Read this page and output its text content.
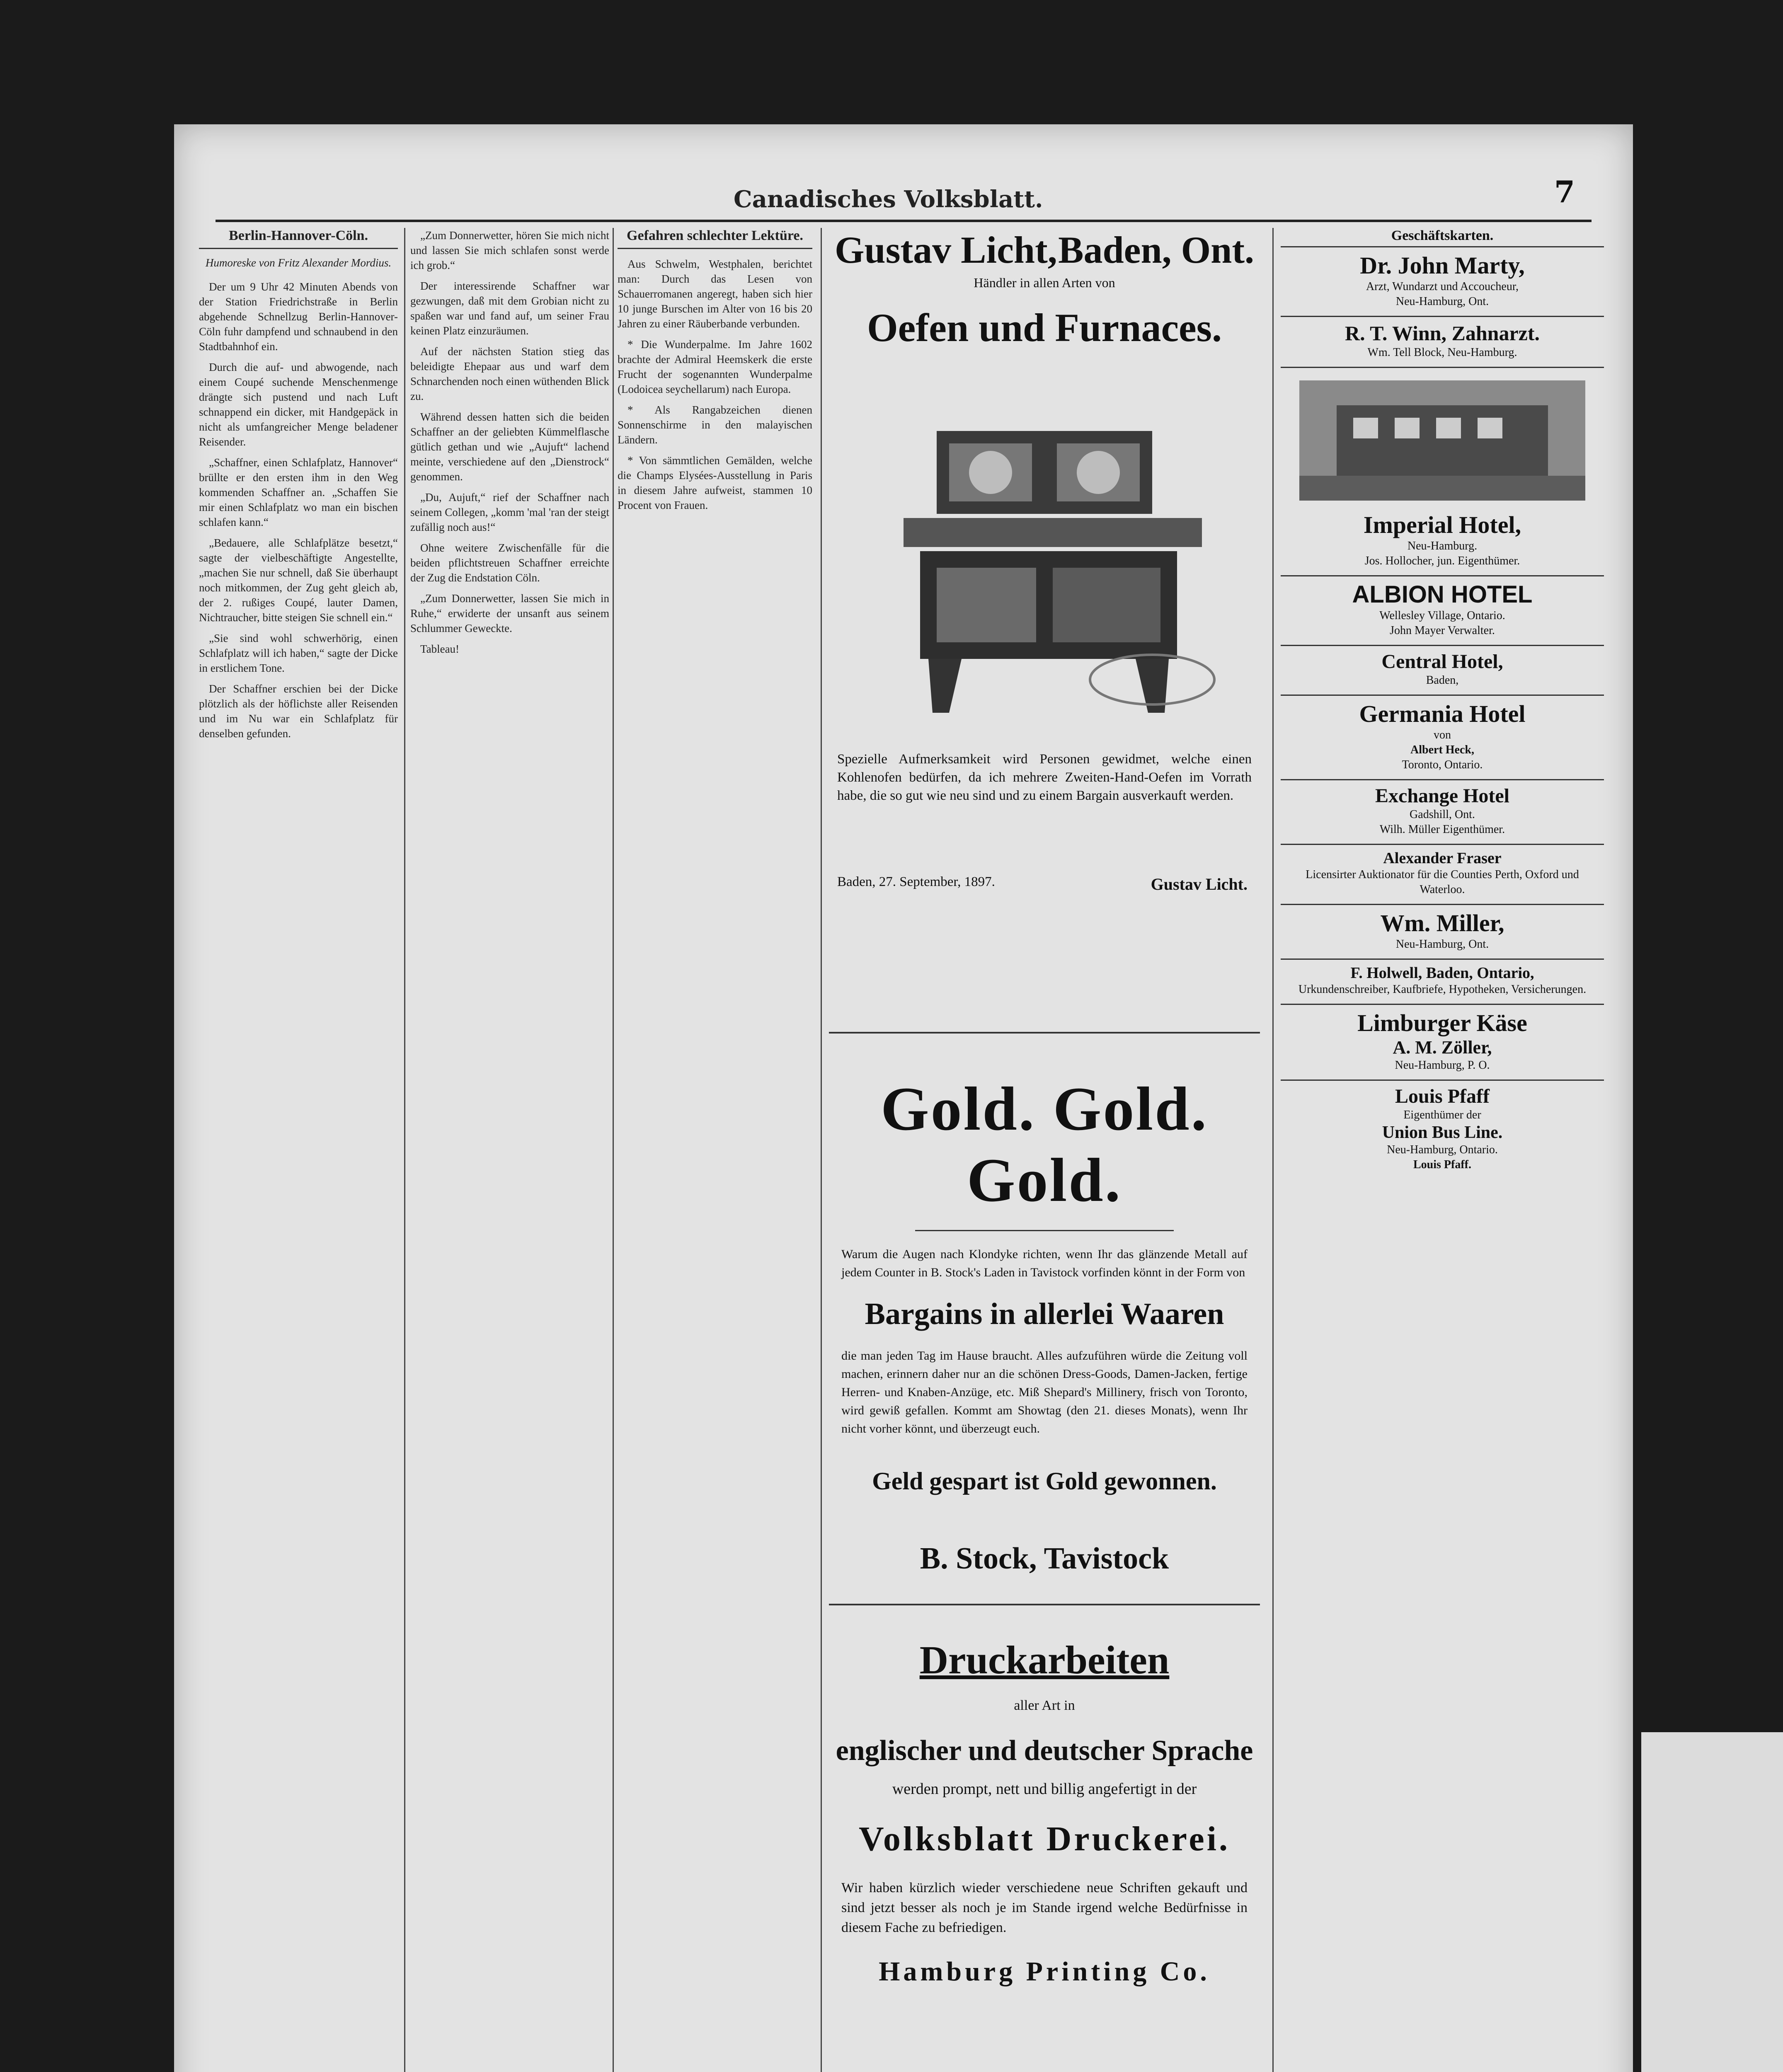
Canadisches Volksblatt.	7
Berlin-Hannover-Cöln.
Humoreske von Fritz Alexander Mordius.

Der um 9 Uhr 42 Minuten Abends von der Station Friedrichstraße in Berlin abgehende Schnellzug Berlin-Hannover-Cöln fuhr dampfend und schnaubend in den Stadtbahnhof ein.

Durch die auf- und abwogende, nach einem Coupé suchende Menschenmenge drängte sich pustend und nach Luft schnappend ein dicker, mit Handgepäck in nicht als umfangreicher Menge beladener Reisender.

„Schaffner, einen Schlafplatz, Hannover“ brüllte er den ersten ihm in den Weg kommenden Schaffner an. „Schaffen Sie mir einen Schlafplatz wo man ein bischen schlafen kann.“

„Bedauere, alle Schlafplätze besetzt,“ sagte der vielbeschäftigte Angestellte, „machen Sie nur schnell, daß Sie überhaupt noch mitkommen, der Zug geht gleich ab, der 2. rußiges Coupé, lauter Damen, Nichtraucher, bitte steigen Sie schnell ein.“

„Sie sind wohl schwerhörig, einen Schlafplatz will ich haben,“ sagte der Dicke in erstlichem Tone.

Der Schaffner erschien bei der Dicke plötzlich als der höflichste aller Reisenden und im Nu war ein Schlafplatz für denselben gefunden.

„Zum Donnerwetter, hören Sie mich nicht und lassen Sie mich schlafen sonst werde ich grob.“

Der interessirende Schaffner war gezwungen, daß mit dem Grobian nicht zu spaßen war und fand auf, um seiner Frau keinen Platz einzuräumen.

Auf der nächsten Station stieg das beleidigte Ehepaar aus und warf dem Schnarchenden noch einen wüthenden Blick zu.

Während dessen hatten sich die beiden Schaffner an der geliebten Kümmelflasche gütlich gethan und wie „Aujuft“ lachend meinte, verschiedene auf den „Dienstrock“ genommen.

„Du, Aujuft,“ rief der Schaffner nach seinem Collegen, „komm 'mal 'ran der steigt zufällig noch aus!“

Ohne weitere Zwischenfälle für die beiden pflichtstreuen Schaffner erreichte der Zug die Endstation Cöln.

„Zum Donnerwetter, lassen Sie mich in Ruhe,“ erwiderte der unsanft aus seinem Schlummer Geweckte.

Tableau!

Gefahren schlechter Lektüre.

Aus Schwelm, Westphalen, berichtet man: Durch das Lesen von Schauerromanen angeregt, haben sich hier 10 junge Burschen im Alter von 16 bis 20 Jahren zu einer Räuberbande verbunden.

* Die Wunderpalme. Im Jahre 1602 brachte der Admiral Heemskerk die erste Frucht der sogenannten Wunderpalme (Lodoicea seychellarum) nach Europa.

* Als Rangabzeichen dienen Sonnenschirme in den malayischen Ländern.

* Von sämmtlichen Gemälden, welche die Champs Elysées-Ausstellung in Paris in diesem Jahre aufweist, stammen 10 Procent von Frauen.

Gustav Licht, Baden, Ont.
Händler in allen Arten von
Oefen und Furnaces.
Spezielle Aufmerksamkeit wird Personen gewidmet, welche einen Kohlenofen bedürfen, da ich mehrere Zweiten-Hand-Oefen im Vorrath habe, die so gut wie neu sind und zu einem Bargain ausverkauft werden.
Baden, 27. September, 1897.	Gustav Licht.
Gold. Gold. Gold.
Warum die Augen nach Klondyke richten, wenn Ihr das glänzende Metall auf jedem Counter in B. Stock's Laden in Tavistock vorfinden könnt in der Form von
Bargains in allerlei Waaren
die man jeden Tag im Hause braucht. Alles aufzuführen würde die Zeitung voll machen, erinnern daher nur an die schönen Dress-Goods, Damen-Jacken, fertige Herren- und Knaben-Anzüge, etc. Miß Shepard's Millinery, frisch von Toronto, wird gewiß gefallen. Kommt am Showtag (den 21. dieses Monats), wenn Ihr nicht vorher könnt, und überzeugt euch.
Geld gespart ist Gold gewonnen.
B. Stock, Tavistock
Druckarbeiten
aller Art in
englischer und deutscher Sprache
werden prompt, nett und billig angefertigt in der
Volksblatt Druckerei.
Wir haben kürzlich wieder verschiedene neue Schriften gekauft und sind jetzt besser als noch je im Stande irgend welche Bedürfnisse in diesem Fache zu befriedigen.
Hamburg Printing Co.
Geschäftskarten.
Dr. John Marty,
Arzt, Wundarzt und Accoucheur,
Neu-Hamburg, Ont.
R. T. Winn, Zahnarzt.
Wm. Tell Block, Neu-Hamburg.
Imperial Hotel,
Neu-Hamburg.
Jos. Hollocher, jun. Eigenthümer.
ALBION HOTEL
Wellesley Village, Ontario.
John Mayer Verwalter.
Central Hotel,
Baden,
Germania Hotel
von
Albert Heck,
Toronto, Ontario.
Exchange Hotel
Gadshill, Ont.
Wilh. Müller Eigenthümer.
Alexander Fraser
Licensirter Auktionator für die Counties Perth, Oxford und Waterloo.
Wm. Miller,
Neu-Hamburg, Ont.
F. Holwell, Baden, Ontario,
Urkundenschreiber, Kaufbriefe, Hypotheken, Versicherungen.
Limburger Käse
A. M. Zöller,
Neu-Hamburg, P. O.
Louis Pfaff
Eigenthümer der
Union Bus Line.
Neu-Hamburg, Ontario.
Louis Pfaff.
